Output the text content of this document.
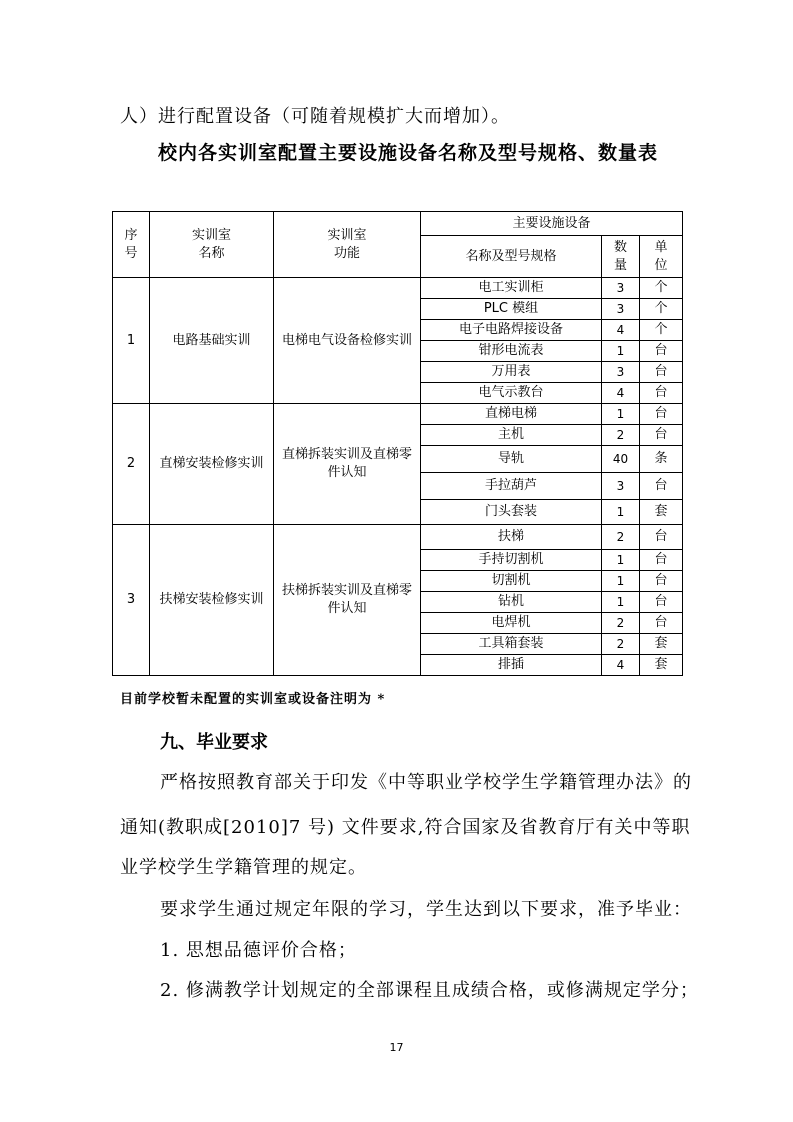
人）进行配置设备（可随着规模扩大而增加）。
校内各实训室配置主要设施设备名称及型号规格、数量表
序号	实训室名称	实训室功能	主要设施设备		
			名称及型号规格	数量	单位
1	电路基础实训	电梯电气设备检修实训	电工实训柜	3	个
			PLC 模组	3	个
			电子电路焊接设备	4	个
			钳形电流表	1	台
			万用表	3	台
			电气示教台	4	台
2	直梯安装检修实训	直梯拆装实训及直梯零件认知	直梯电梯	1	台
			主机	2	台
			导轨	40	条
			手拉葫芦	3	台
			门头套装	1	套
3	扶梯安装检修实训	扶梯拆装实训及直梯零件认知	扶梯	2	台
			手持切割机	1	台
			切割机	1	台
			钻机	1	台
			电焊机	2	台
			工具箱套装	2	套
			排插	4	套
目前学校暂未配置的实训室或设备注明为 *
九、毕业要求
严格按照教育部关于印发《中等职业学校学生学籍管理办法》的
通知(教职成[2010]7 号) 文件要求,符合国家及省教育厅有关中等职
业学校学生学籍管理的规定。
要求学生通过规定年限的学习，学生达到以下要求，准予毕业：
1. 思想品德评价合格；
2. 修满教学计划规定的全部课程且成绩合格，或修满规定学分；
17
